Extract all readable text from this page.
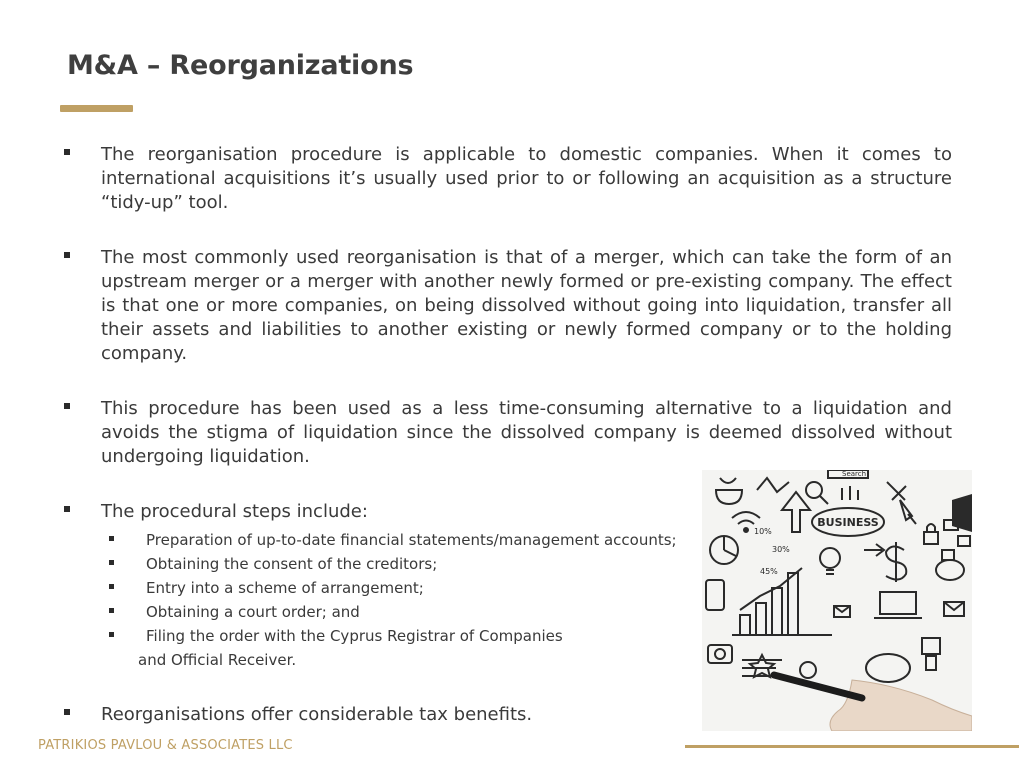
M&A – Reorganizations
The reorganisation procedure is applicable to domestic companies. When it comes to international acquisitions it’s usually used prior to or following an acquisition as a structure “tidy-up” tool.
The most commonly used reorganisation is that of a merger, which can take the form of an upstream merger or a merger with another newly formed or pre-existing company. The effect is that one or more companies, on being dissolved without going into liquidation, transfer all their assets and liabilities to another existing or newly formed company or to the holding company.
This procedure has been used as a less time-consuming alternative to a liquidation and avoids the stigma of liquidation since the dissolved company is deemed dissolved without undergoing liquidation.
The procedural steps include:
Preparation of up-to-date financial statements/management accounts;
Obtaining the consent of the creditors;
Entry into a scheme of arrangement;
Obtaining a court order; and
Filing the order with the Cyprus Registrar of Companies
and Official Receiver.
Reorganisations offer considerable tax benefits.
BUSINESS
Search
10%
30%
45%
PATRIKIOS PAVLOU & ASSOCIATES LLC
